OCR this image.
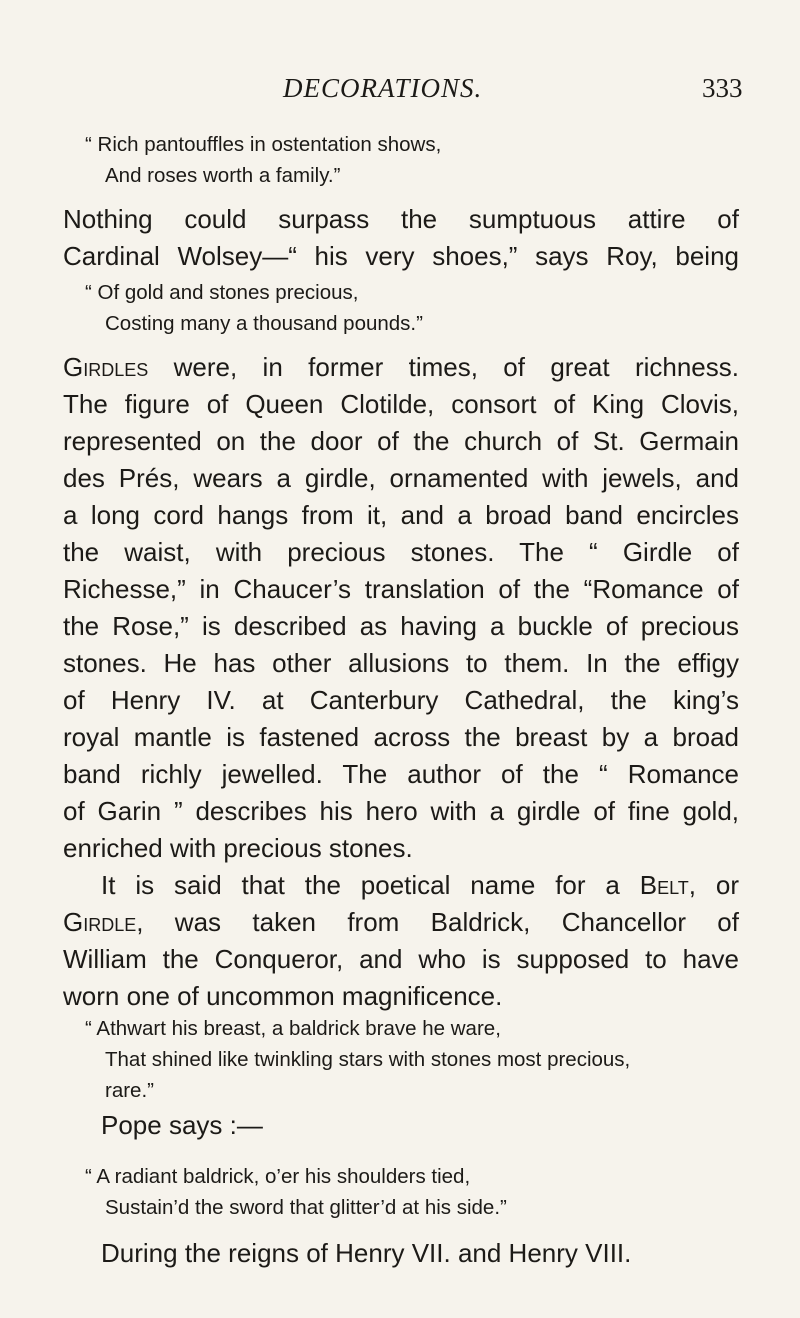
DECORATIONS.	333
“ Rich pantouffles in ostentation shows,
And roses worth a family.”
Nothing could surpass the sumptuous attire of
Cardinal Wolsey—“ his very shoes,” says Roy, being
“ Of gold and stones precious,
Costing many a thousand pounds.”
Girdles were, in former times, of great richness.
The figure of Queen Clotilde, consort of King Clovis,
represented on the door of the church of St. Germain
des Prés, wears a girdle, ornamented with jewels, and
a long cord hangs from it, and a broad band encircles
the waist, with precious stones. The “ Girdle of
Richesse,” in Chaucer’s translation of the “Romance of
the Rose,” is described as having a buckle of precious
stones. He has other allusions to them. In the effigy
of Henry IV. at Canterbury Cathedral, the king’s
royal mantle is fastened across the breast by a broad
band richly jewelled. The author of the “ Romance
of Garin ” describes his hero with a girdle of fine gold,
enriched with precious stones.
It is said that the poetical name for a Belt, or
Girdle, was taken from Baldrick, Chancellor of
William the Conqueror, and who is supposed to have
worn one of uncommon magnificence.
“ Athwart his breast, a baldrick brave he ware,
That shined like twinkling stars with stones most precious,
rare.”
Pope says :—
“ A radiant baldrick, o’er his shoulders tied,
Sustain’d the sword that glitter’d at his side.”
During the reigns of Henry VII. and Henry VIII.
